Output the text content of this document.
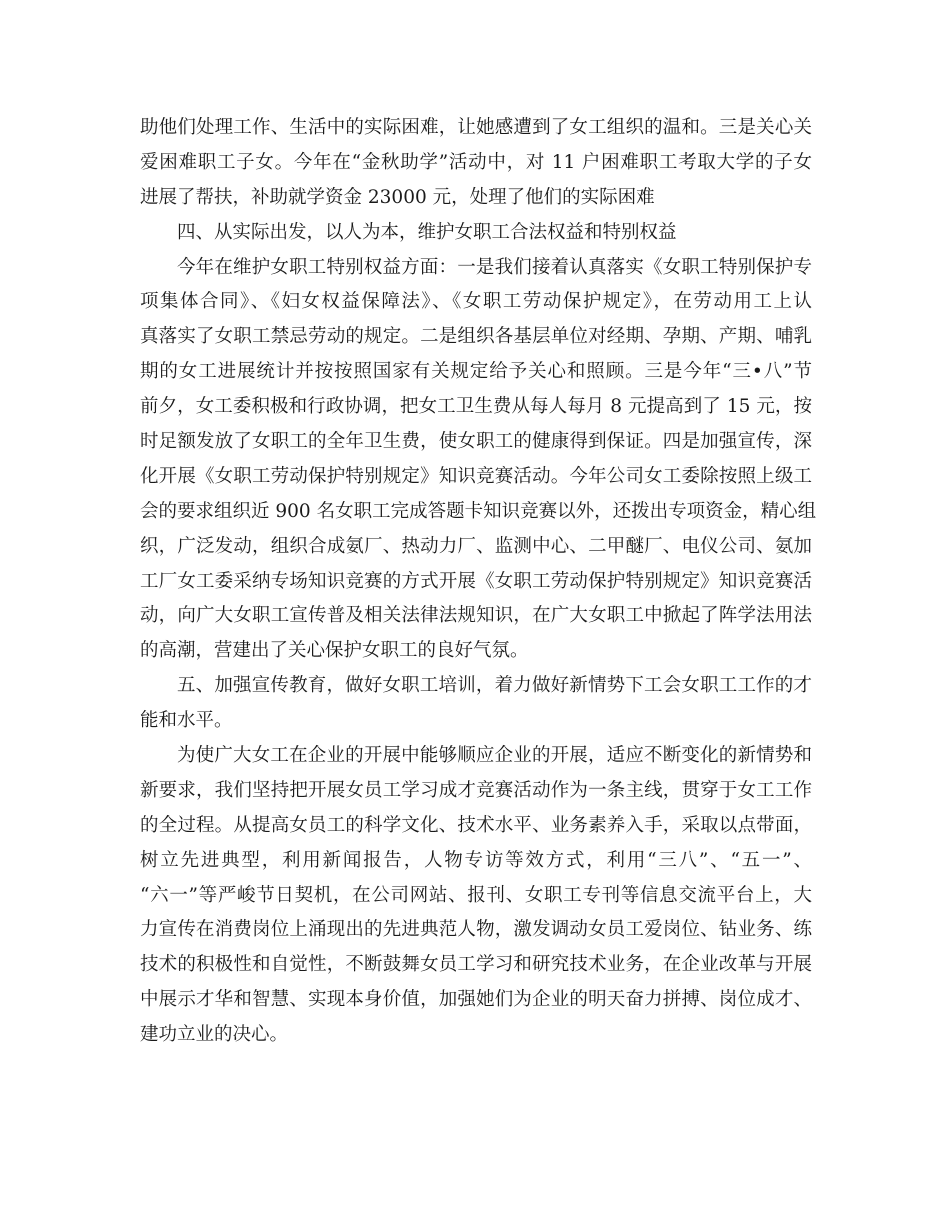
助他们处理工作、生活中的实际困难，让她感遭到了女工组织的温和。三是关心关
爱困难职工子女。今年在“金秋助学”活动中，对 11 户困难职工考取大学的子女
进展了帮扶，补助就学资金 23000 元，处理了他们的实际困难
四、从实际出发，以人为本，维护女职工合法权益和特别权益
今年在维护女职工特别权益方面：一是我们接着认真落实《女职工特别保护专
项集体合同》、《妇女权益保障法》、《女职工劳动保护规定》，在劳动用工上认
真落实了女职工禁忌劳动的规定。二是组织各基层单位对经期、孕期、产期、哺乳
期的女工进展统计并按按照国家有关规定给予关心和照顾。三是今年“三•八”节
前夕，女工委积极和行政协调，把女工卫生费从每人每月 8 元提高到了 15 元，按
时足额发放了女职工的全年卫生费，使女职工的健康得到保证。四是加强宣传，深
化开展《女职工劳动保护特别规定》知识竞赛活动。今年公司女工委除按照上级工
会的要求组织近 900 名女职工完成答题卡知识竞赛以外，还拨出专项资金，精心组
织，广泛发动，组织合成氨厂、热动力厂、监测中心、二甲醚厂、电仪公司、氨加
工厂女工委采纳专场知识竞赛的方式开展《女职工劳动保护特别规定》知识竞赛活
动，向广大女职工宣传普及相关法律法规知识，在广大女职工中掀起了阵学法用法
的高潮，营建出了关心保护女职工的良好气氛。
五、加强宣传教育，做好女职工培训，着力做好新情势下工会女职工工作的才
能和水平。
为使广大女工在企业的开展中能够顺应企业的开展，适应不断变化的新情势和
新要求，我们坚持把开展女员工学习成才竞赛活动作为一条主线，贯穿于女工工作
的全过程。从提高女员工的科学文化、技术水平、业务素养入手，采取以点带面，
树立先进典型，利用新闻报告，人物专访等效方式，利用“三八”、“五一”、
“六一”等严峻节日契机，在公司网站、报刊、女职工专刊等信息交流平台上，大
力宣传在消费岗位上涌现出的先进典范人物，激发调动女员工爱岗位、钻业务、练
技术的积极性和自觉性，不断鼓舞女员工学习和研究技术业务，在企业改革与开展
中展示才华和智慧、实现本身价值，加强她们为企业的明天奋力拼搏、岗位成才、
建功立业的决心。
